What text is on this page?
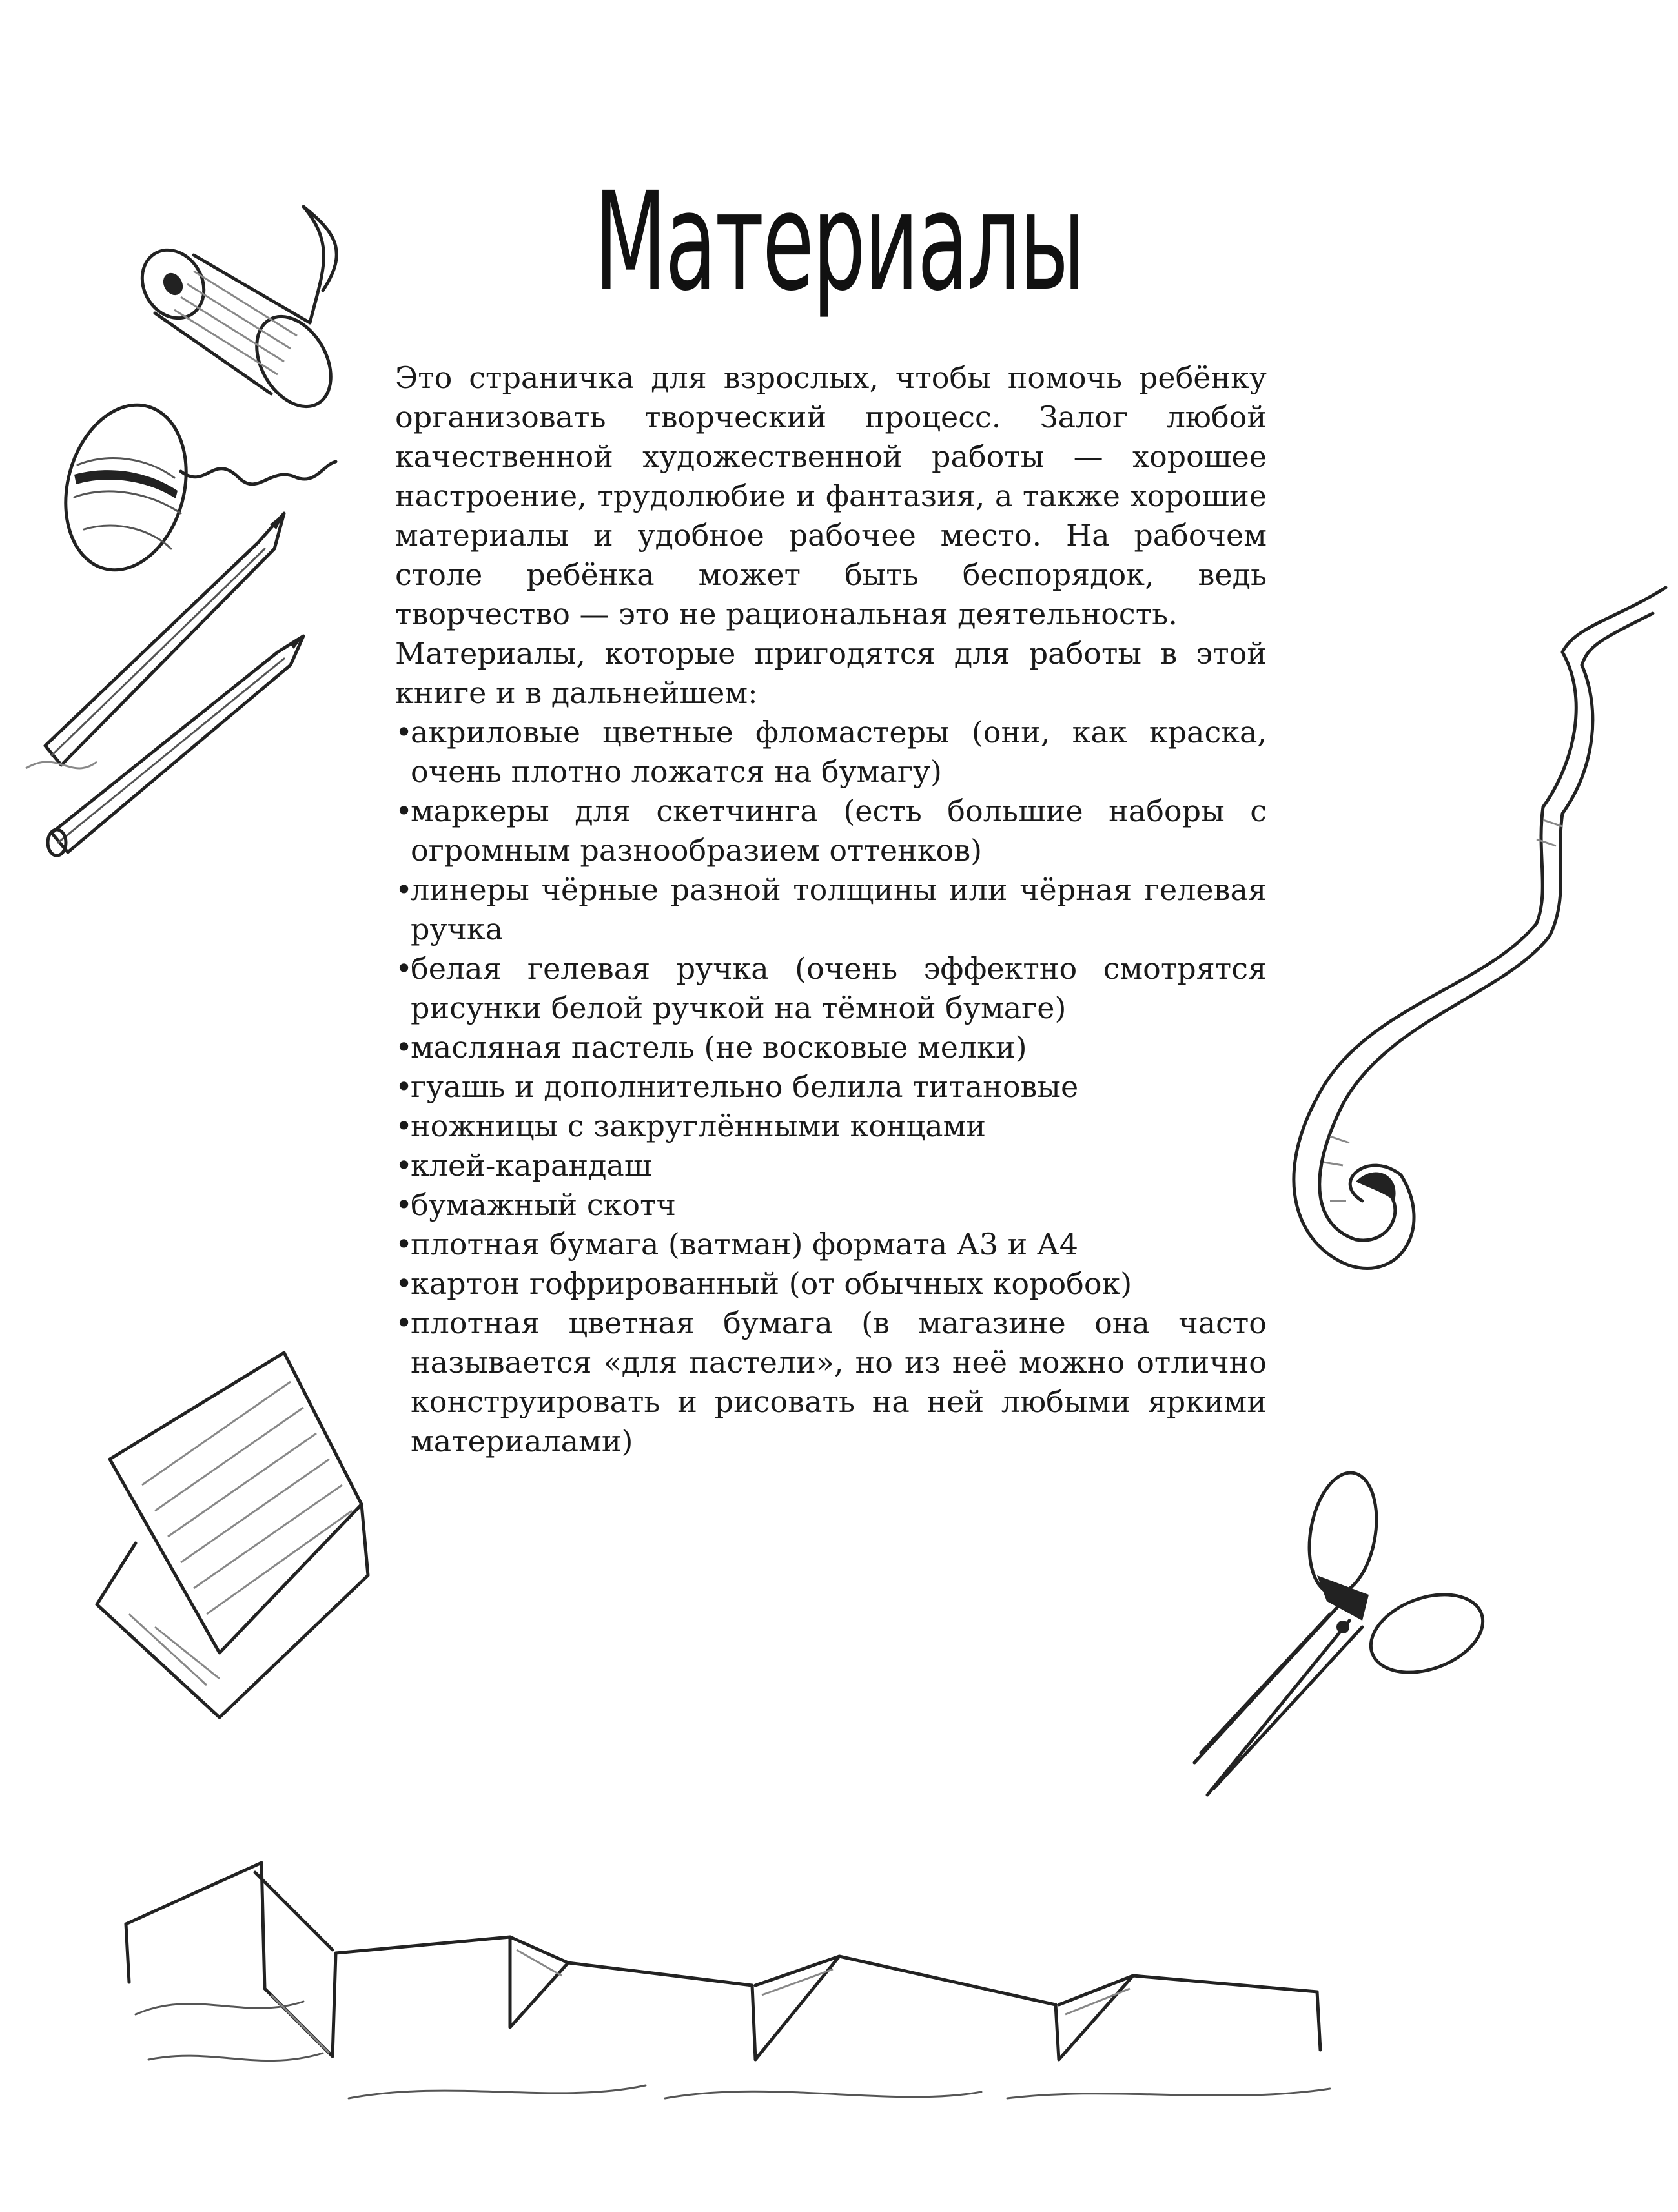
Материалы

Это страничка для взрослых, чтобы помочь ребёнку организовать творческий процесс. Залог любой качественной художественной работы — хорошее настроение, трудолюбие и фантазия, а также хорошие материалы и удобное рабочее место. На рабочем столе ребёнка может быть беспорядок, ведь творчество — это не рациональная деятельность.

Материалы, которые пригодятся для работы в этой книге и в дальнейшем:

• акриловые цветные фломастеры (они, как краска, очень плотно ложатся на бумагу)
• маркеры для скетчинга (есть большие наборы с огромным разнообразием оттенков)
• линеры чёрные разной толщины или чёрная гелевая ручка
• белая гелевая ручка (очень эффектно смотрятся рисунки белой ручкой на тёмной бумаге)
• масляная пастель (не восковые мелки)
• гуашь и дополнительно белила титановые
• ножницы с закруглёнными концами
• клей-карандаш
• бумажный скотч
• плотная бумага (ватман) формата А3 и А4
• картон гофрированный (от обычных коробок)
• плотная цветная бумага (в магазине она часто называется «для пастели», но из неё можно отлично конструировать и рисовать на ней любыми яркими материалами)
